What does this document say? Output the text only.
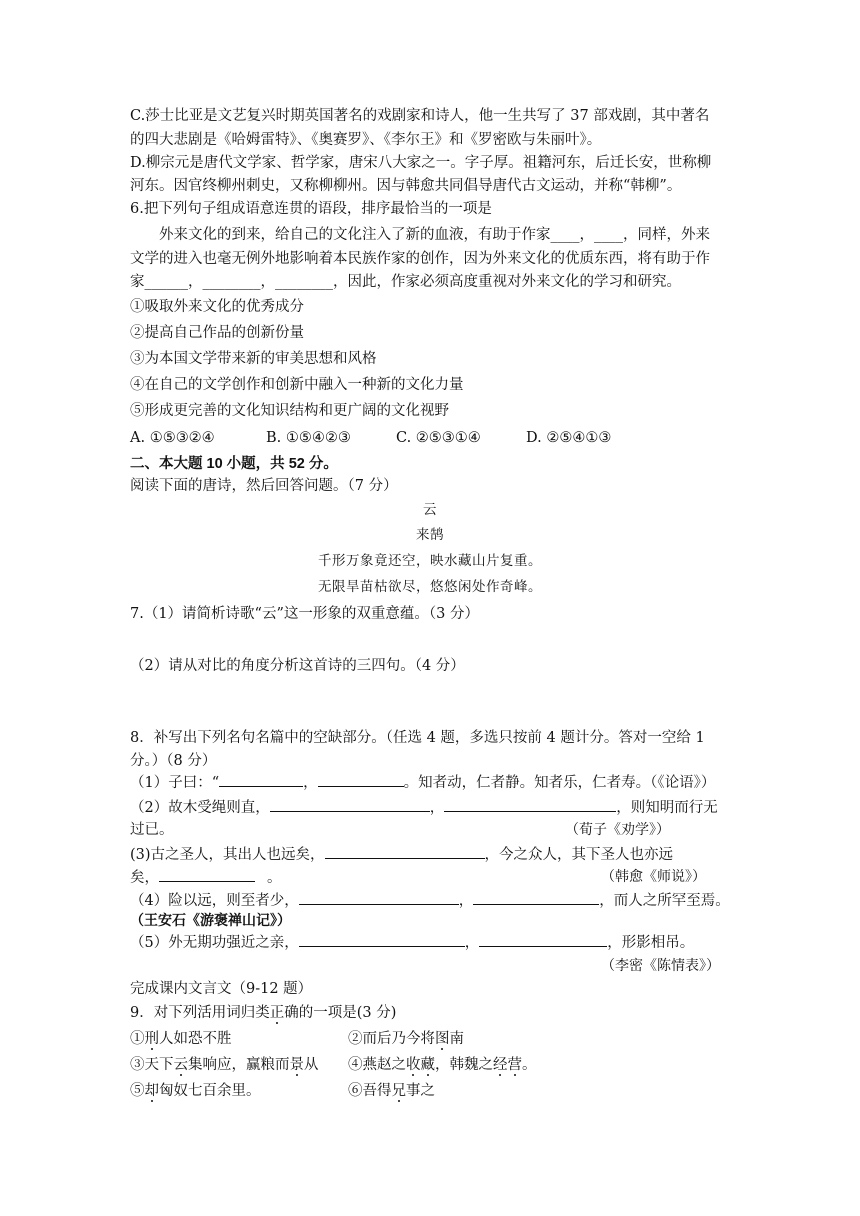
C.莎士比亚是文艺复兴时期英国著名的戏剧家和诗人，他一生共写了 37 部戏剧，其中著名
的四大悲剧是《哈姆雷特》、《奥赛罗》、《李尔王》和《罗密欧与朱丽叶》。
D.柳宗元是唐代文学家、哲学家，唐宋八大家之一。字子厚。祖籍河东，后迁长安，世称柳
河东。因官终柳州刺史，又称柳柳州。因与韩愈共同倡导唐代古文运动，并称“韩柳”。
6.把下列句子组成语意连贯的语段，排序最恰当的一项是
外来文化的到来，给自己的文化注入了新的血液，有助于作家____，____，同样，外来
文学的进入也毫无例外地影响着本民族作家的创作，因为外来文化的优质东西，将有助于作
家______，________，________，因此，作家必须高度重视对外来文化的学习和研究。
①吸取外来文化的优秀成分
②提高自己作品的创新份量
③为本国文学带来新的审美思想和风格
④在自己的文学创作和创新中融入一种新的文化力量
⑤形成更完善的文化知识结构和更广阔的文化视野
A. ①⑤③②④	B. ①⑤④②③	C. ②⑤③①④	D. ②⑤④①③
二、本大题 10 小题，共 52 分。
阅读下面的唐诗，然后回答问题。（7 分）
云
来鹄
千形万象竟还空，映水藏山片复重。
无限旱苗枯欲尽，悠悠闲处作奇峰。
7.（1）请简析诗歌“云”这一形象的双重意蕴。（3 分）
（2）请从对比的角度分析这首诗的三四句。（4 分）
8．补写出下列名句名篇中的空缺部分。（任选 4 题，多选只按前 4 题计分。答对一空给 1
分。）（8 分）
（1）子曰：“	，	。知者动，仁者静。知者乐，仁者寿。（《论语》）
（2）故木受绳则直，	，	，则知明而行无
过已。	（荀子《劝学》）
(3)古之圣人，其出人也远矣，	，今之众人，其下圣人也亦远
矣，	。	（韩愈《师说》）
（4）险以远，则至者少，	，	，而人之所罕至焉。
（王安石《游褒禅山记》）
（5）外无期功强近之亲，	，	，形影相吊。
（李密《陈情表》）
完成课内文言文（9-12 题）
9．对下列活用词归类正确的一项是(3 分)
①刑人如恐不胜	②而后乃今将图南
③天下云集响应，赢粮而景从 ④燕赵之收藏，韩魏之经营。
⑤却匈奴七百余里。	⑥吾得兄事之
